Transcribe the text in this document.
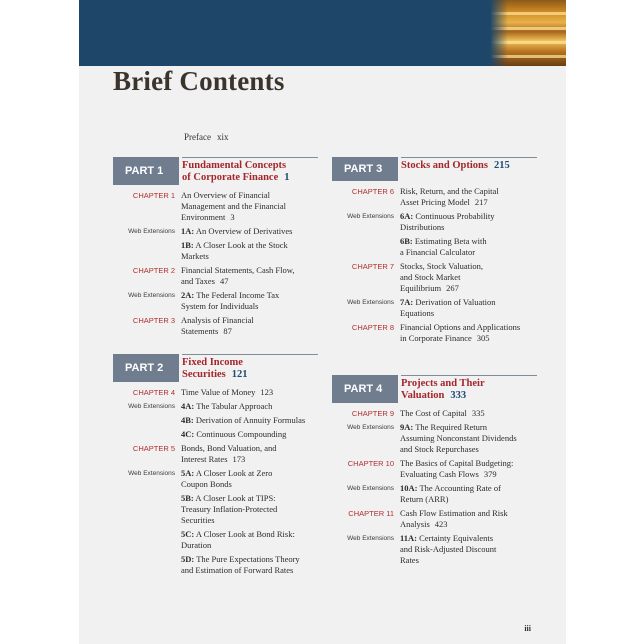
Brief Contents
Preface xix
PART 1	Fundamental Concepts
of Corporate Finance 1
CHAPTER 1 An Overview of Financial
Management and the Financial
Environment 3
Web Extensions 1A: An Overview of Derivatives
1B: A Closer Look at the Stock
Markets
CHAPTER 2 Financial Statements, Cash Flow,
and Taxes 47
Web Extensions 2A: The Federal Income Tax
System for Individuals
CHAPTER 3 Analysis of Financial
Statements 87
PART 2	Fixed Income
Securities 121
CHAPTER 4 Time Value of Money 123
Web Extensions 4A: The Tabular Approach
4B: Derivation of Annuity Formulas
4C: Continuous Compounding
CHAPTER 5 Bonds, Bond Valuation, and
Interest Rates 173
Web Extensions 5A: A Closer Look at Zero
Coupon Bonds
5B: A Closer Look at TIPS:
Treasury Inflation-Protected
Securities
5C: A Closer Look at Bond Risk:
Duration
5D: The Pure Expectations Theory
and Estimation of Forward Rates
PART 3	Stocks and Options 215
CHAPTER 6 Risk, Return, and the Capital
Asset Pricing Model 217
Web Extensions 6A: Continuous Probability
Distributions
6B: Estimating Beta with
a Financial Calculator
CHAPTER 7 Stocks, Stock Valuation,
and Stock Market
Equilibrium 267
Web Extensions 7A: Derivation of Valuation
Equations
CHAPTER 8 Financial Options and Applications
in Corporate Finance 305
PART 4	Projects and Their
Valuation 333
CHAPTER 9 The Cost of Capital 335
Web Extensions 9A: The Required Return
Assuming Nonconstant Dividends
and Stock Repurchases
CHAPTER 10 The Basics of Capital Budgeting:
Evaluating Cash Flows 379
Web Extensions 10A: The Accounting Rate of
Return (ARR)
CHAPTER 11 Cash Flow Estimation and Risk
Analysis 423
Web Extensions 11A: Certainty Equivalents
and Risk-Adjusted Discount
Rates
iii
